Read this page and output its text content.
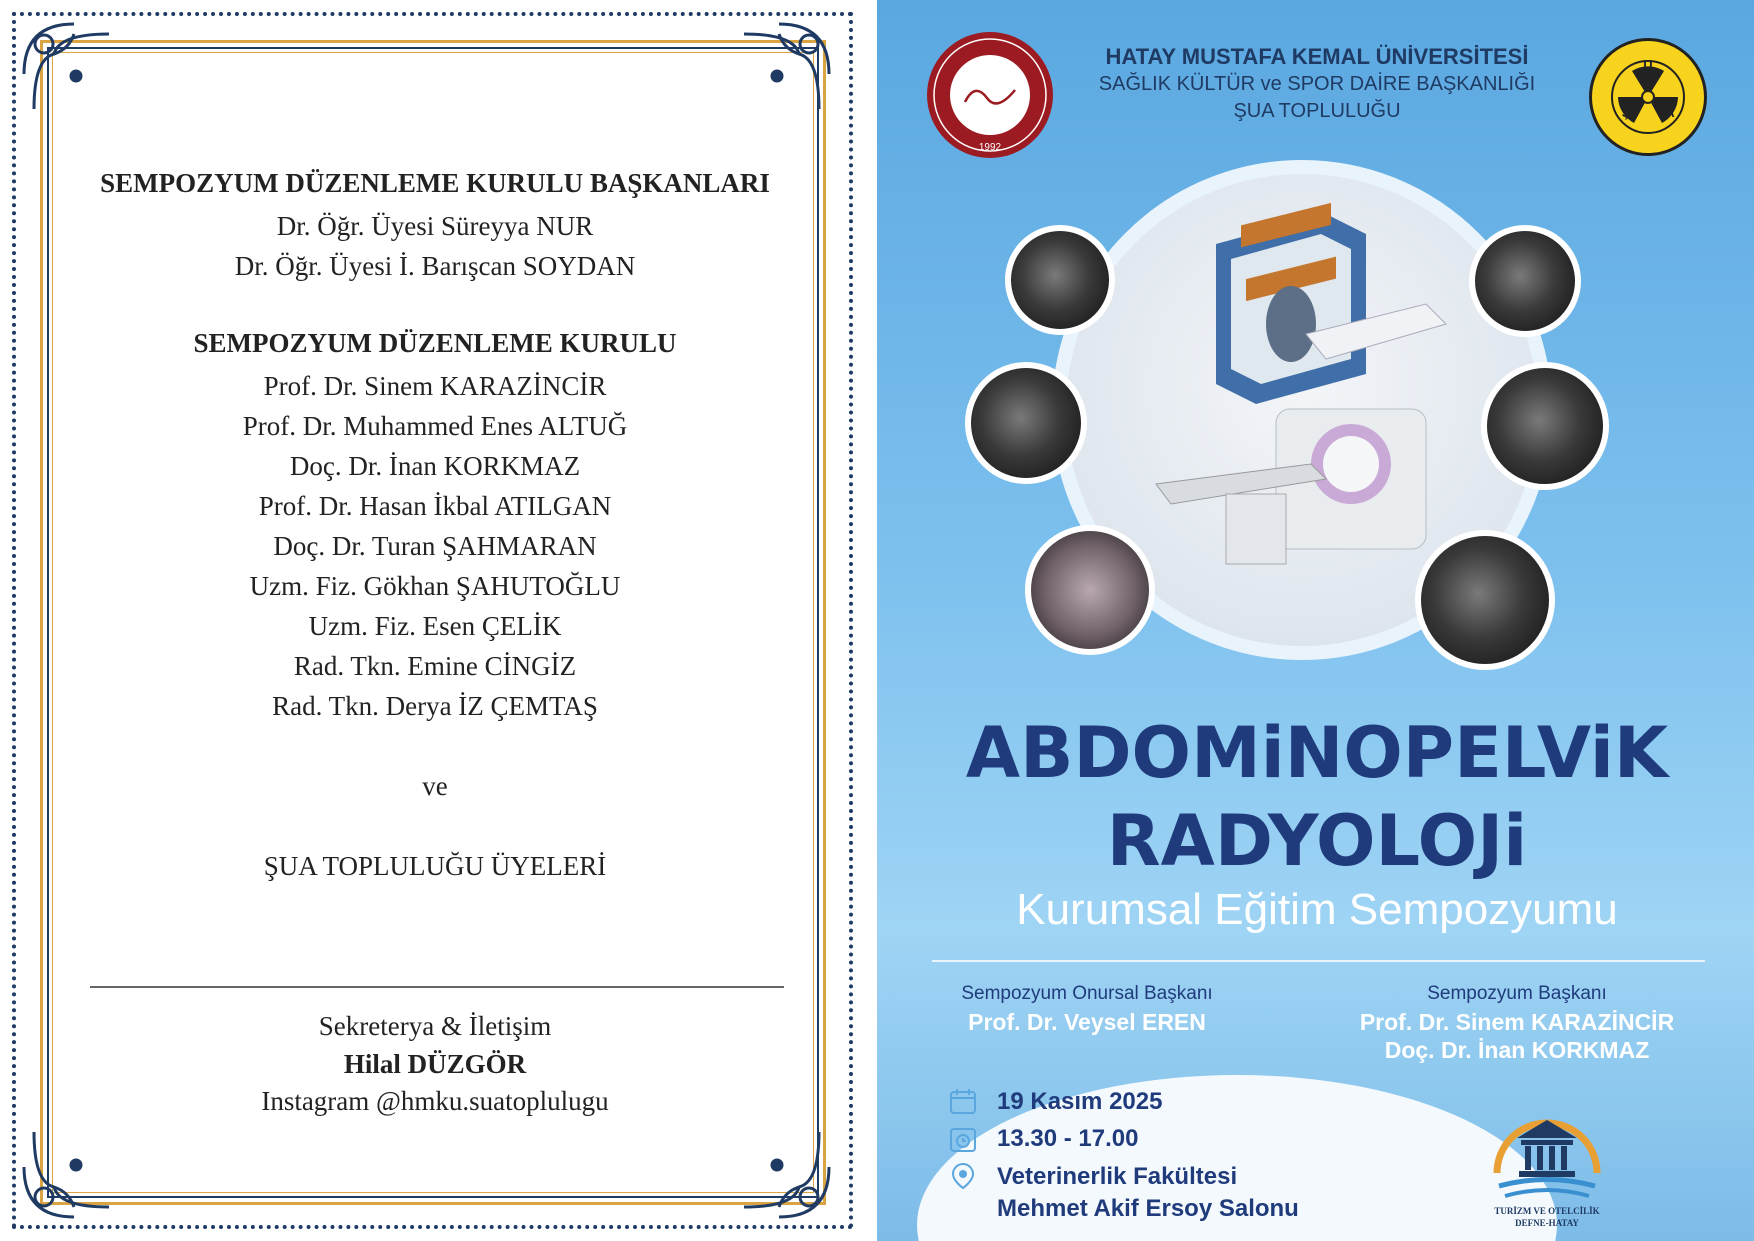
SEMPOZYUM DÜZENLEME KURULU BAŞKANLARI
Dr. Öğr. Üyesi Süreyya NUR
Dr. Öğr. Üyesi İ. Barışcan SOYDAN
SEMPOZYUM DÜZENLEME KURULU
Prof. Dr. Sinem KARAZİNCİR
Prof. Dr. Muhammed Enes ALTUĞ
Doç. Dr. İnan KORKMAZ
Prof. Dr. Hasan İkbal ATILGAN
Doç. Dr. Turan ŞAHMARAN
Uzm. Fiz. Gökhan ŞAHUTOĞLU
Uzm. Fiz. Esen ÇELİK
Rad. Tkn. Emine CİNGİZ
Rad. Tkn. Derya İZ ÇEMTAŞ
ve
ŞUA TOPLULUĞU ÜYELERİ
Sekreterya & İletişim
Hilal DÜZGÖR
Instagram @hmku.suatoplulugu
1992
HATAY MUSTAFA KEMAL ÜNİVERSİTESİ
SAĞLIK KÜLTÜR ve SPOR DAİRE BAŞKANLIĞI
ŞUA TOPLULUĞU
U
Ş	A
ABDOMiNOPELViK
RADYOLOJi
Kurumsal Eğitim Sempozyumu
Sempozyum Onursal Başkanı
Prof. Dr. Veysel EREN
Sempozyum Başkanı
Prof. Dr. Sinem KARAZİNCİR
Doç. Dr. İnan KORKMAZ
19 Kasım 2025
13.30 - 17.00
Veterinerlik Fakültesi
Mehmet Akif Ersoy Salonu	TURİZM VE OTELCİLİK
DEFNE-HATAY
